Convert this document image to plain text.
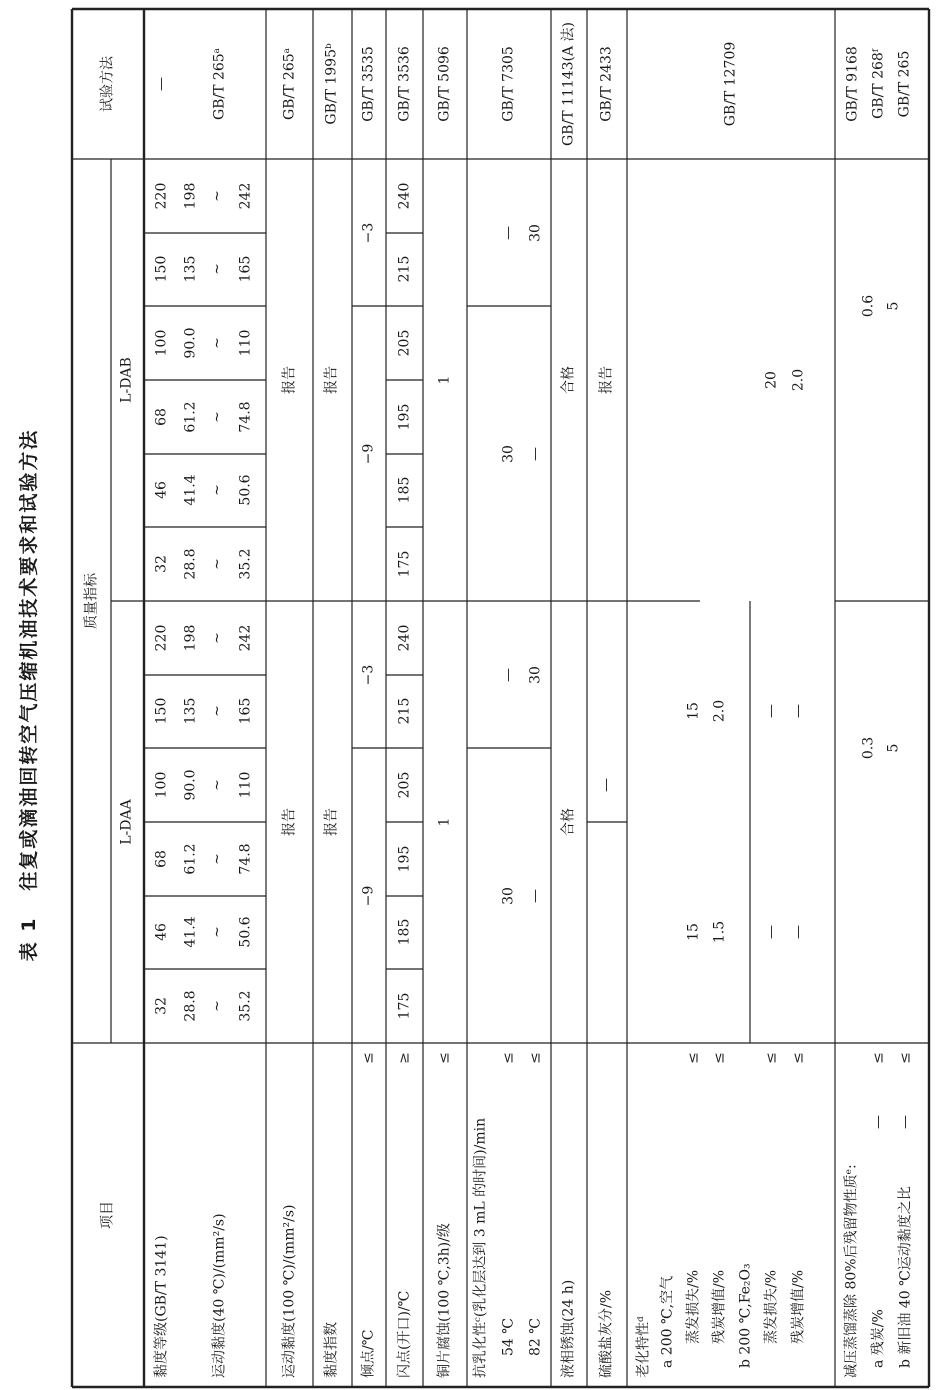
表 1   往复或滴油回转空气压缩机油技术要求和试验方法
项目
质量指标
试验方法
L-DAA
L-DAB
黏度等级(GB/T 3141)
32
46
68
100
150
220
32
46
68
100
150
220
—
运动黏度(40 ℃)/(mm²/s)
28.8
41.4
61.2
90.0
135
198
28.8
41.4
61.2
90.0
135
198
~
~
~
~
~
~
~
~
~
~
~
~
35.2
50.6
74.8
110
165
242
35.2
50.6
74.8
110
165
242
GB/T 265ᵃ
运动黏度(100 ℃)/(mm²/s)
报告
报告
GB/T 265ᵃ
黏度指数
报告
报告
GB/T 1995ᵇ
倾点/℃
≤
−9
−3
−9
−3
GB/T 3535
闪点(开口)/℃
≥
175
185
195
205
215
240
175
185
195
205
215
240
GB/T 3536
铜片腐蚀(100 ℃,3h)/级
≤
1
1
GB/T 5096
抗乳化性ᶜ(乳化层达到 3 mL 的时间)/min 54 ℃ 82 ℃
≤ ≤
30 —
— 30
30 —
— 30
GB/T 7305
液相锈蚀(24 h)
合格
合格
GB/T 11143(A 法)
硫酸盐灰分/%
—
报告
GB/T 2433
老化特性ᵈ a 200 ℃,空气 蒸发损失/% 残炭增值/% b 200 ℃,Fe₂O₃ 蒸发损失/% 残炭增值/%
≤ ≤	≤ ≤
15 1.5
15 2.0
— —
— —
20 2.0
GB/T 12709
减压蒸馏蒸除 80%后残留物性质ᵉ: a 残炭/% b 新旧油 40 ℃运动黏度之比
— —
≤ ≤
0.3 5
0.6 5
GB/T 9168 GB/T 268ᶠ GB/T 265
